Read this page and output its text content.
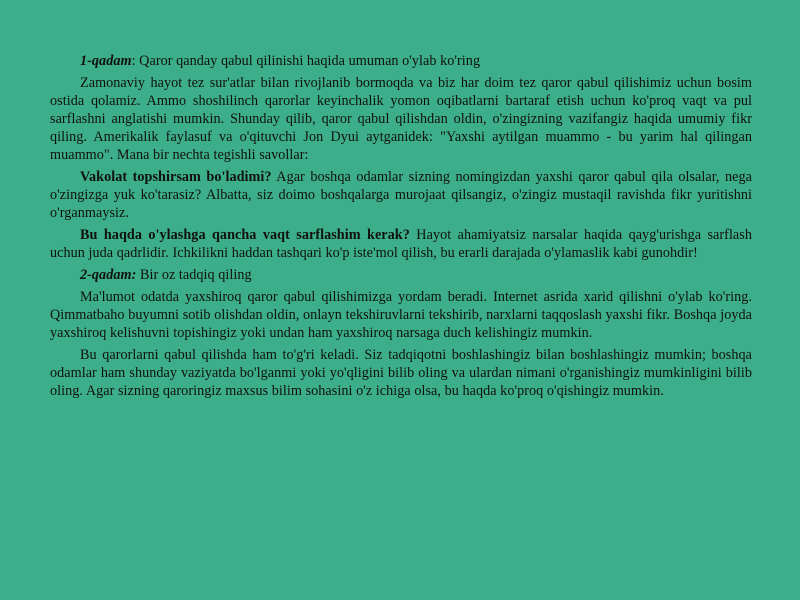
1-qadam: Qaror qanday qabul qilinishi haqida umuman o'ylab ko'ring

Zamonaviy hayot tez sur'atlar bilan rivojlanib bormoqda va biz har doim tez qaror qabul qilishimiz uchun bosim ostida qolamiz. Ammo shoshilinch qarorlar keyinchalik yomon oqibatlarni bartaraf etish uchun ko'proq vaqt va pul sarflashni anglatishi mumkin. Shunday qilib, qaror qabul qilishdan oldin, o'zingizning vazifangiz haqida umumiy fikr qiling. Amerikalik faylasuf va o'qituvchi Jon Dyui aytganidek: "Yaxshi aytilgan muammo - bu yarim hal qilingan muammo". Mana bir nechta tegishli savollar:

Vakolat topshirsam bo'ladimi? Agar boshqa odamlar sizning nomingizdan yaxshi qaror qabul qila olsalar, nega o'zingizga yuk ko'tarasiz? Albatta, siz doimo boshqalarga murojaat qilsangiz, o'zingiz mustaqil ravishda fikr yuritishni o'rganmaysiz.

Bu haqda o'ylashga qancha vaqt sarflashim kerak? Hayot ahamiyatsiz narsalar haqida qayg'urishga sarflash uchun juda qadrlidir. Ichkilikni haddan tashqari ko'p iste'mol qilish, bu erarli darajada o'ylamaslik kabi gunohdir!

2-qadam: Bir oz tadqiq qiling

Ma'lumot odatda yaxshiroq qaror qabul qilishimizga yordam beradi. Internet asrida xarid qilishni o'ylab ko'ring. Qimmatbaho buyumni sotib olishdan oldin, onlayn tekshiruvlarni tekshirib, narxlarni taqqoslash yaxshi fikr. Boshqa joyda yaxshiroq kelishuvni topishingiz yoki undan ham yaxshiroq narsaga duch kelishingiz mumkin.

Bu qarorlarni qabul qilishda ham to'g'ri keladi. Siz tadqiqotni boshlashingiz bilan boshlashingiz mumkin; boshqa odamlar ham shunday vaziyatda bo'lganmi yoki yo'qligini bilib oling va ulardan nimani o'rganishingiz mumkinligini bilib oling. Agar sizning qaroringiz maxsus bilim sohasini o'z ichiga olsa, bu haqda ko'proq o'qishingiz mumkin.
